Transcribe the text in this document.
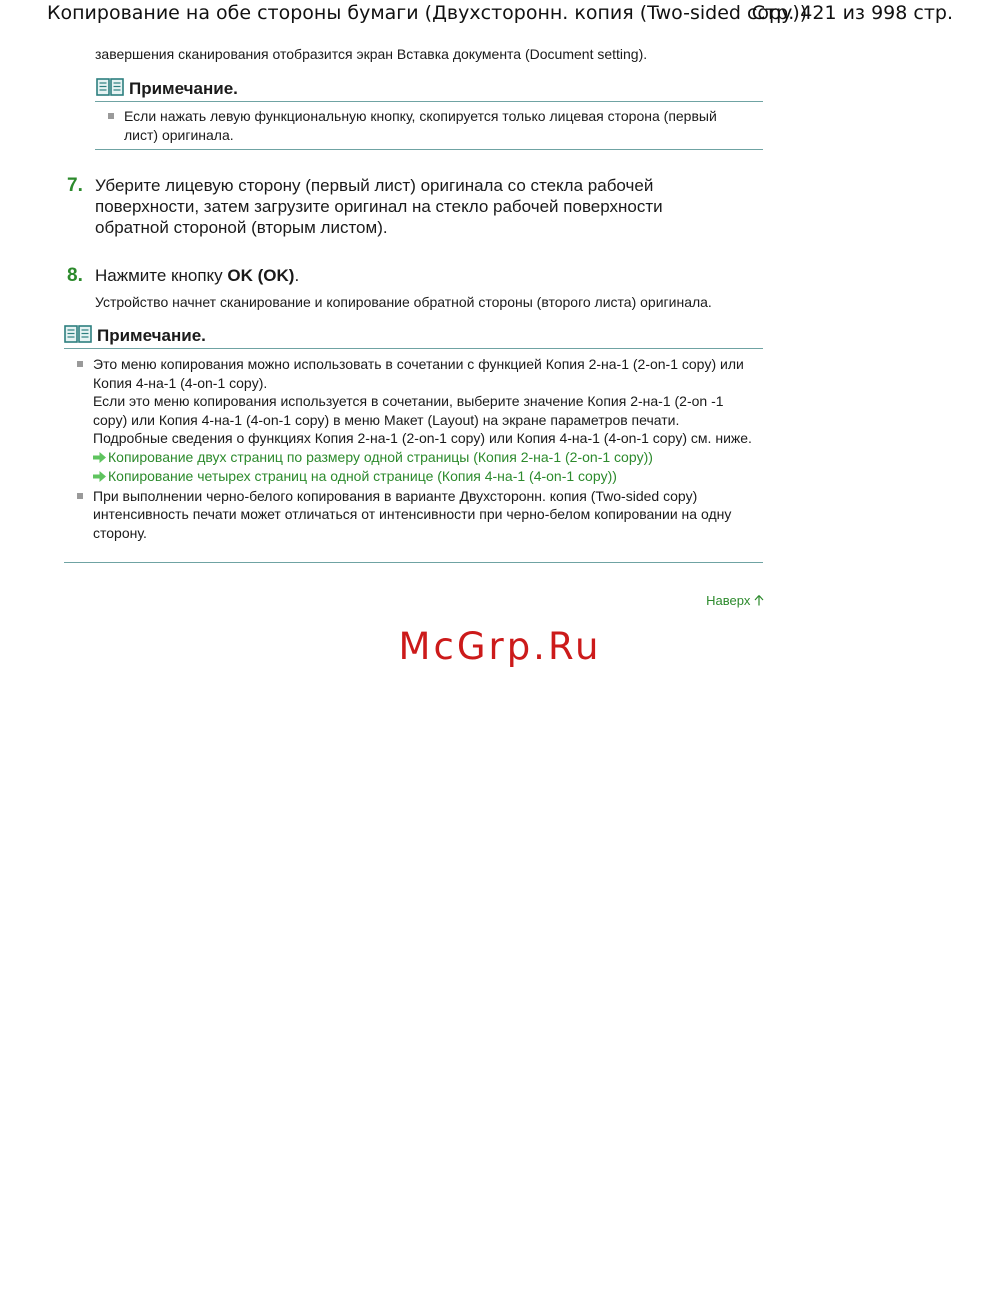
Копирование на обе стороны бумаги (Двухсторонн. копия (Two-sided copy))
Стр. 421 из 998 стр.
завершения сканирования отобразится экран Вставка документа (Document setting).
Примечание.
Если нажать левую функциональную кнопку, скопируется только лицевая сторона (первый лист) оригинала.
7. Уберите лицевую сторону (первый лист) оригинала со стекла рабочей поверхности, затем загрузите оригинал на стекло рабочей поверхности обратной стороной (вторым листом).
8. Нажмите кнопку OK (OK).
Устройство начнет сканирование и копирование обратной стороны (второго листа) оригинала.
Примечание.
Это меню копирования можно использовать в сочетании с функцией Копия 2-на-1 (2-on-1 copy) или Копия 4-на-1 (4-on-1 copy).
Если это меню копирования используется в сочетании, выберите значение Копия 2-на-1 (2-on -1 copy) или Копия 4-на-1 (4-on-1 copy) в меню Макет (Layout) на экране параметров печати.
Подробные сведения о функциях Копия 2-на-1 (2-on-1 copy) или Копия 4-на-1 (4-on-1 copy) см. ниже.
Копирование двух страниц по размеру одной страницы (Копия 2-на-1 (2-on-1 copy))
Копирование четырех страниц на одной странице (Копия 4-на-1 (4-on-1 copy))
При выполнении черно-белого копирования в варианте Двухсторонн. копия (Two-sided copy) интенсивность печати может отличаться от интенсивности при черно-белом копировании на одну сторону.
Наверх
McGrp.Ru
